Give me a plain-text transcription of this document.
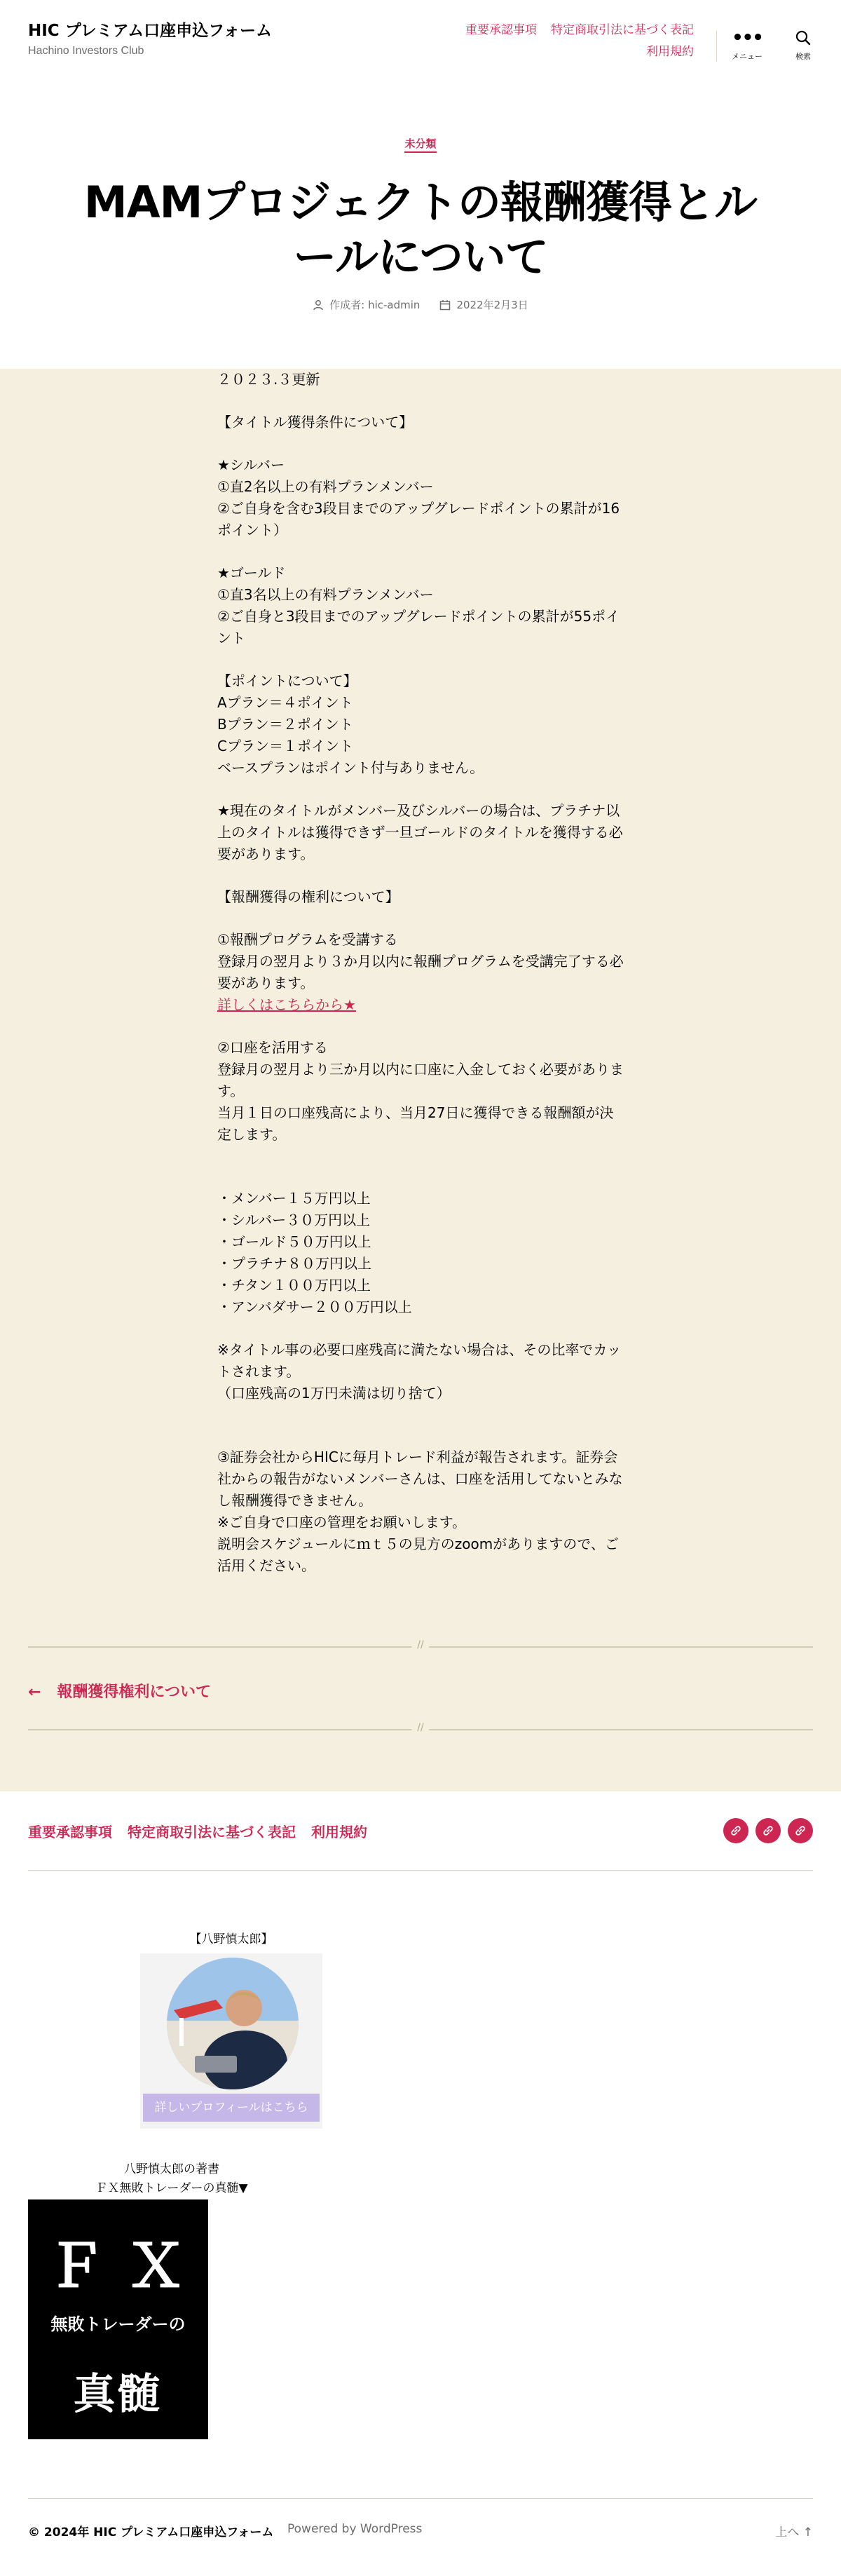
HIC プレミアム口座申込フォーム
Hachino Investors Club
重要承認事項 特定商取引法に基づく表記
利用規約
•••
メニュー	検索
未分類
MAMプロジェクトの報酬獲得とルールについて
作成者: hic-admin	2022年2月3日

２０２３.３更新

【タイトル獲得条件について】

★シルバー
①直2名以上の有料プランメンバー
②ご自身を含む3段目までのアップグレードポイントの累計が16ポイント）

★ゴールド
①直3名以上の有料プランメンバー
②ご自身と3段目までのアップグレードポイントの累計が55ポイント

【ポイントについて】
Aプラン＝４ポイント
Bプラン＝２ポイント
Cプラン＝１ポイント
ベースプランはポイント付与ありません。

★現在のタイトルがメンバー及びシルバーの場合は、プラチナ以上のタイトルは獲得できず一旦ゴールドのタイトルを獲得する必要があります。

【報酬獲得の権利について】

①報酬プログラムを受講する
登録月の翌月より３か月以内に報酬プログラムを受講完了する必要があります。
詳しくはこちらから★

②口座を活用する
登録月の翌月より三か月以内に口座に入金しておく必要があります。
当月１日の口座残高により、当月27日に獲得できる報酬額が決定します。

・メンバー１５万円以上
・シルバー３０万円以上
・ゴールド５０万円以上
・プラチナ８０万円以上
・チタン１００万円以上
・アンバダサー２００万円以上

※タイトル事の必要口座残高に満たない場合は、その比率でカットされます。
（口座残高の1万円未満は切り捨て）

③証券会社からHICに毎月トレード利益が報告されます。証券会社からの報告がないメンバーさんは、口座を活用してないとみなし報酬獲得できません。
※ご自身で口座の管理をお願いします。
説明会スケジュールにｍｔ５の見方のzoomがありますので、ご活用ください。

//
← 報酬獲得権利について
//
重要承認事項 特定商取引法に基づく表記 利用規約
【八野慎太郎】
詳しいプロフィールはこちら
八野慎太郎の著書
ＦＸ無敗トレーダーの真髄▼
ＦＸ
無敗トレーダーの
真髄
© 2024年 HIC プレミアム口座申込フォーム Powered by WordPress	上へ ↑
